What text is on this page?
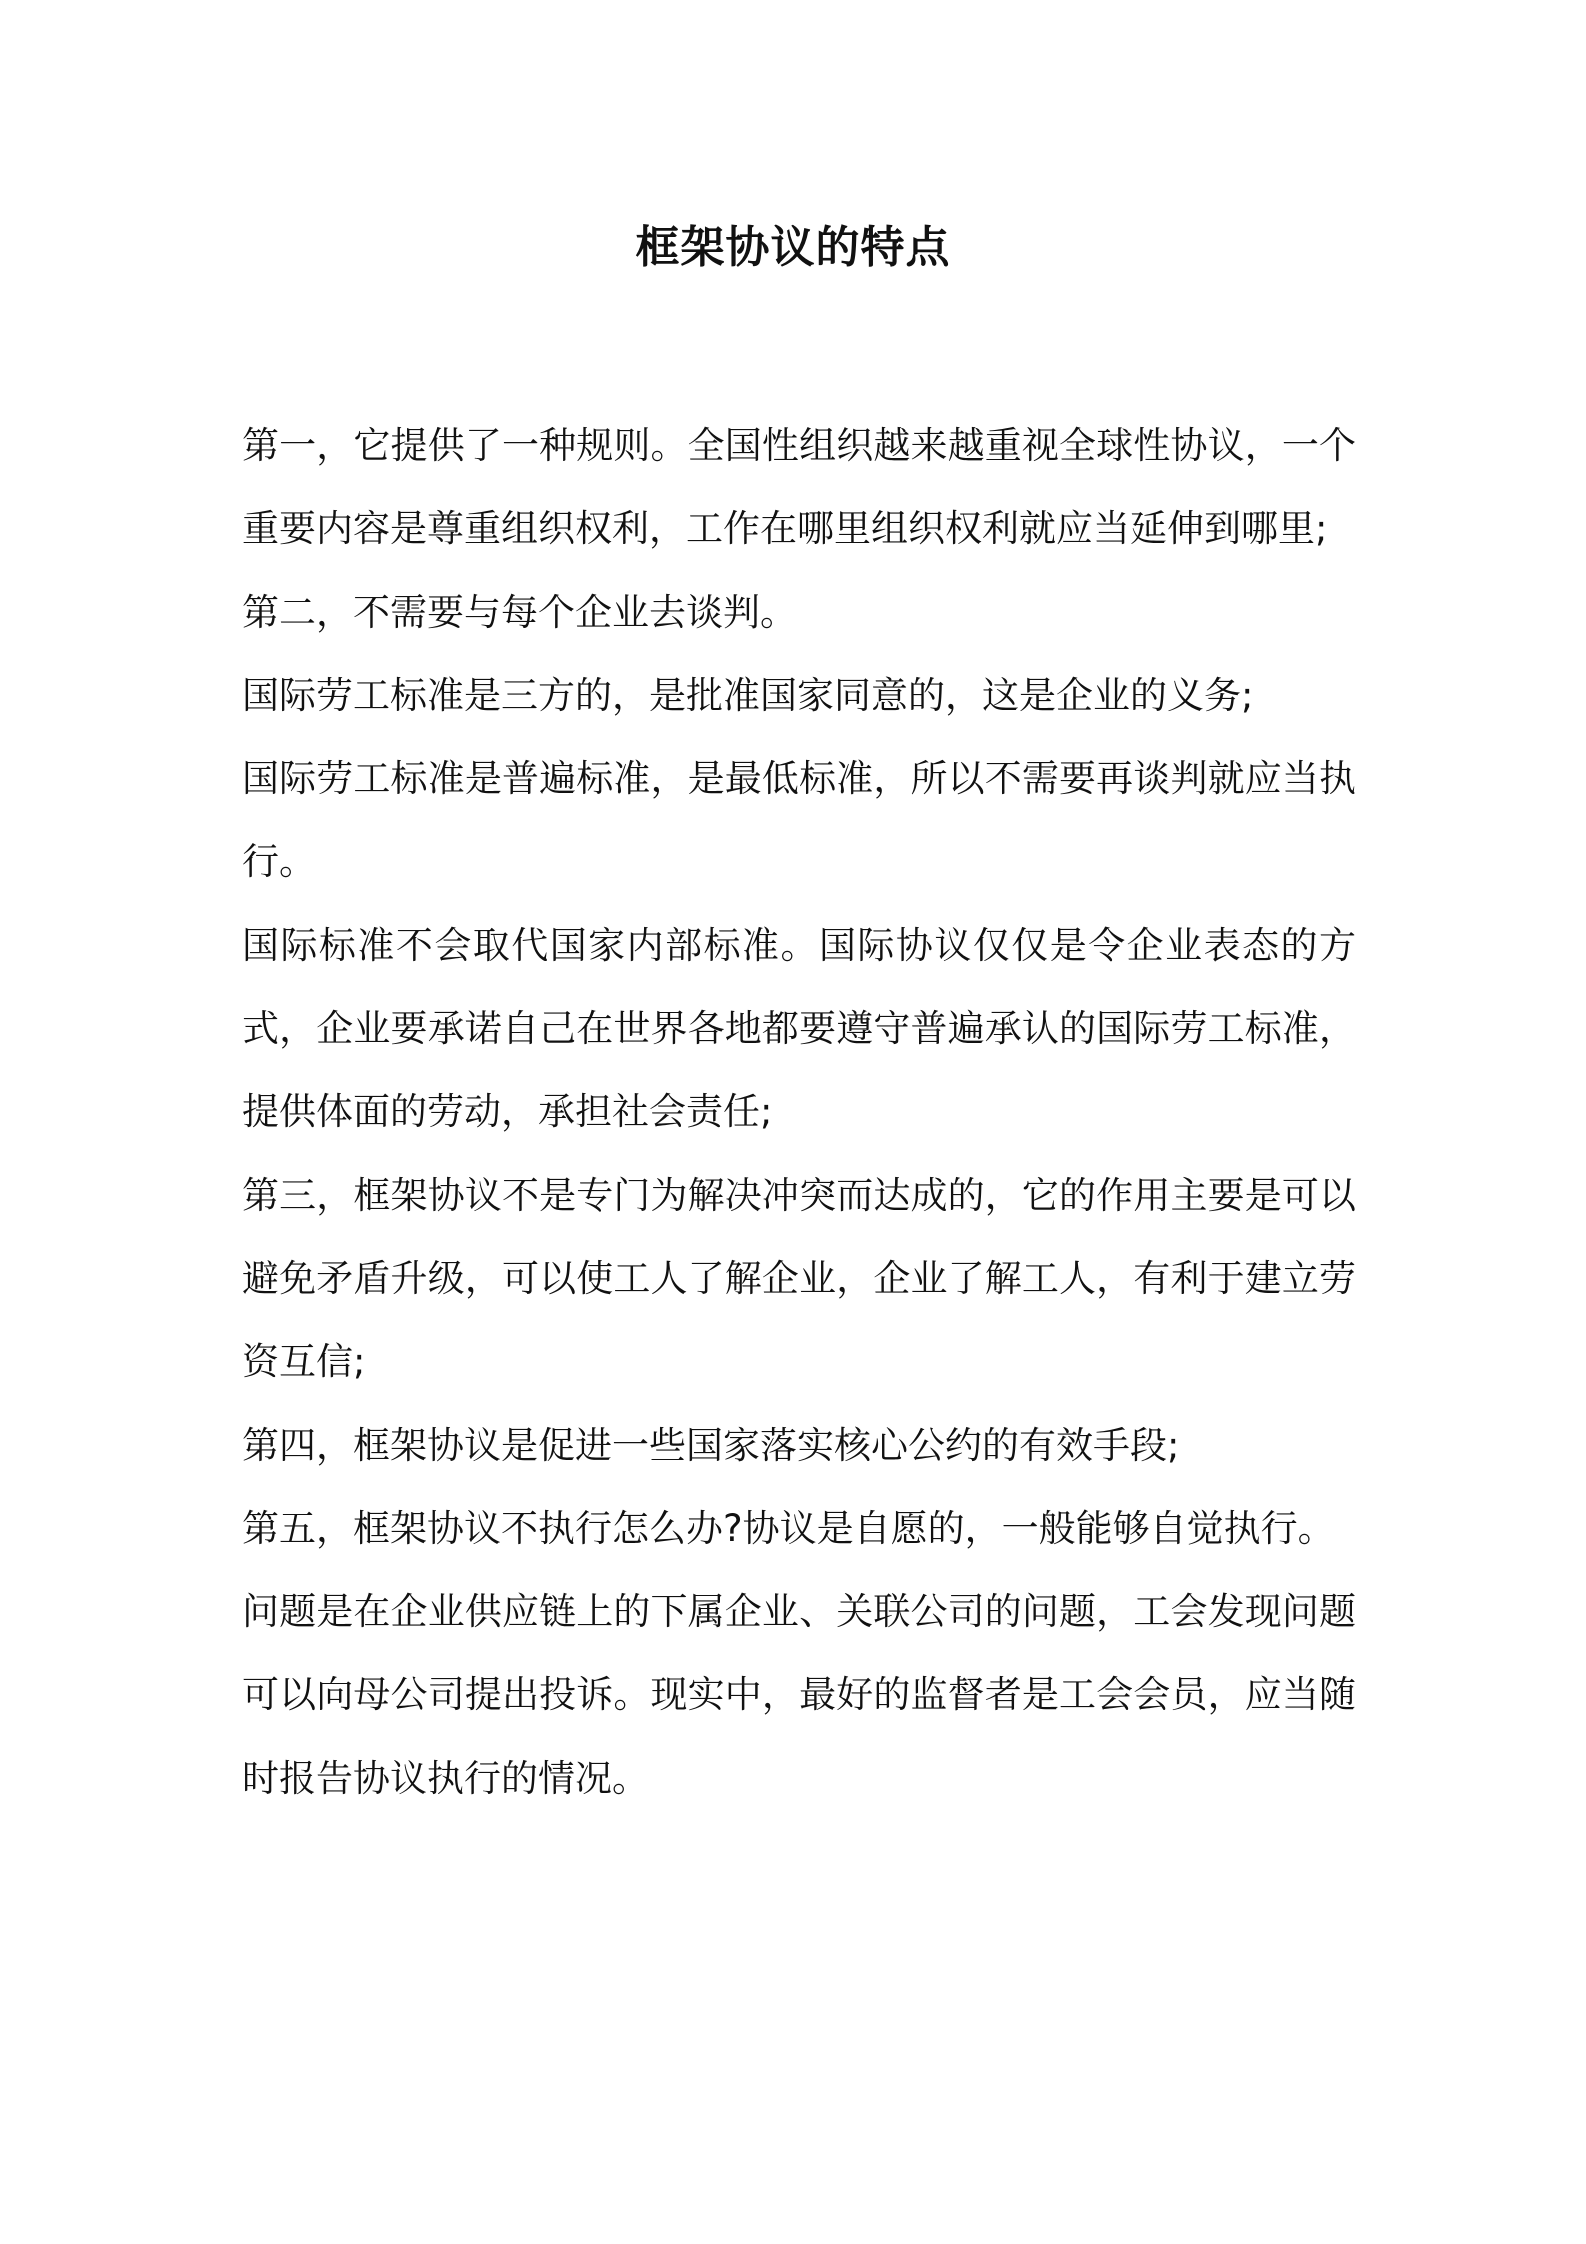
框架协议的特点

第一，它提供了一种规则。全国性组织越来越重视全球性协议，一个重要内容是尊重组织权利，工作在哪里组织权利就应当延伸到哪里;

第二，不需要与每个企业去谈判。

国际劳工标准是三方的，是批准国家同意的，这是企业的义务;

国际劳工标准是普遍标准，是最低标准，所以不需要再谈判就应当执行。

国际标准不会取代国家内部标准。国际协议仅仅是令企业表态的方式，企业要承诺自己在世界各地都要遵守普遍承认的国际劳工标准，提供体面的劳动，承担社会责任;

第三，框架协议不是专门为解决冲突而达成的，它的作用主要是可以避免矛盾升级，可以使工人了解企业，企业了解工人，有利于建立劳资互信;

第四，框架协议是促进一些国家落实核心公约的有效手段;

第五，框架协议不执行怎么办?协议是自愿的，一般能够自觉执行。

问题是在企业供应链上的下属企业、关联公司的问题，工会发现问题可以向母公司提出投诉。现实中，最好的监督者是工会会员，应当随时报告协议执行的情况。
